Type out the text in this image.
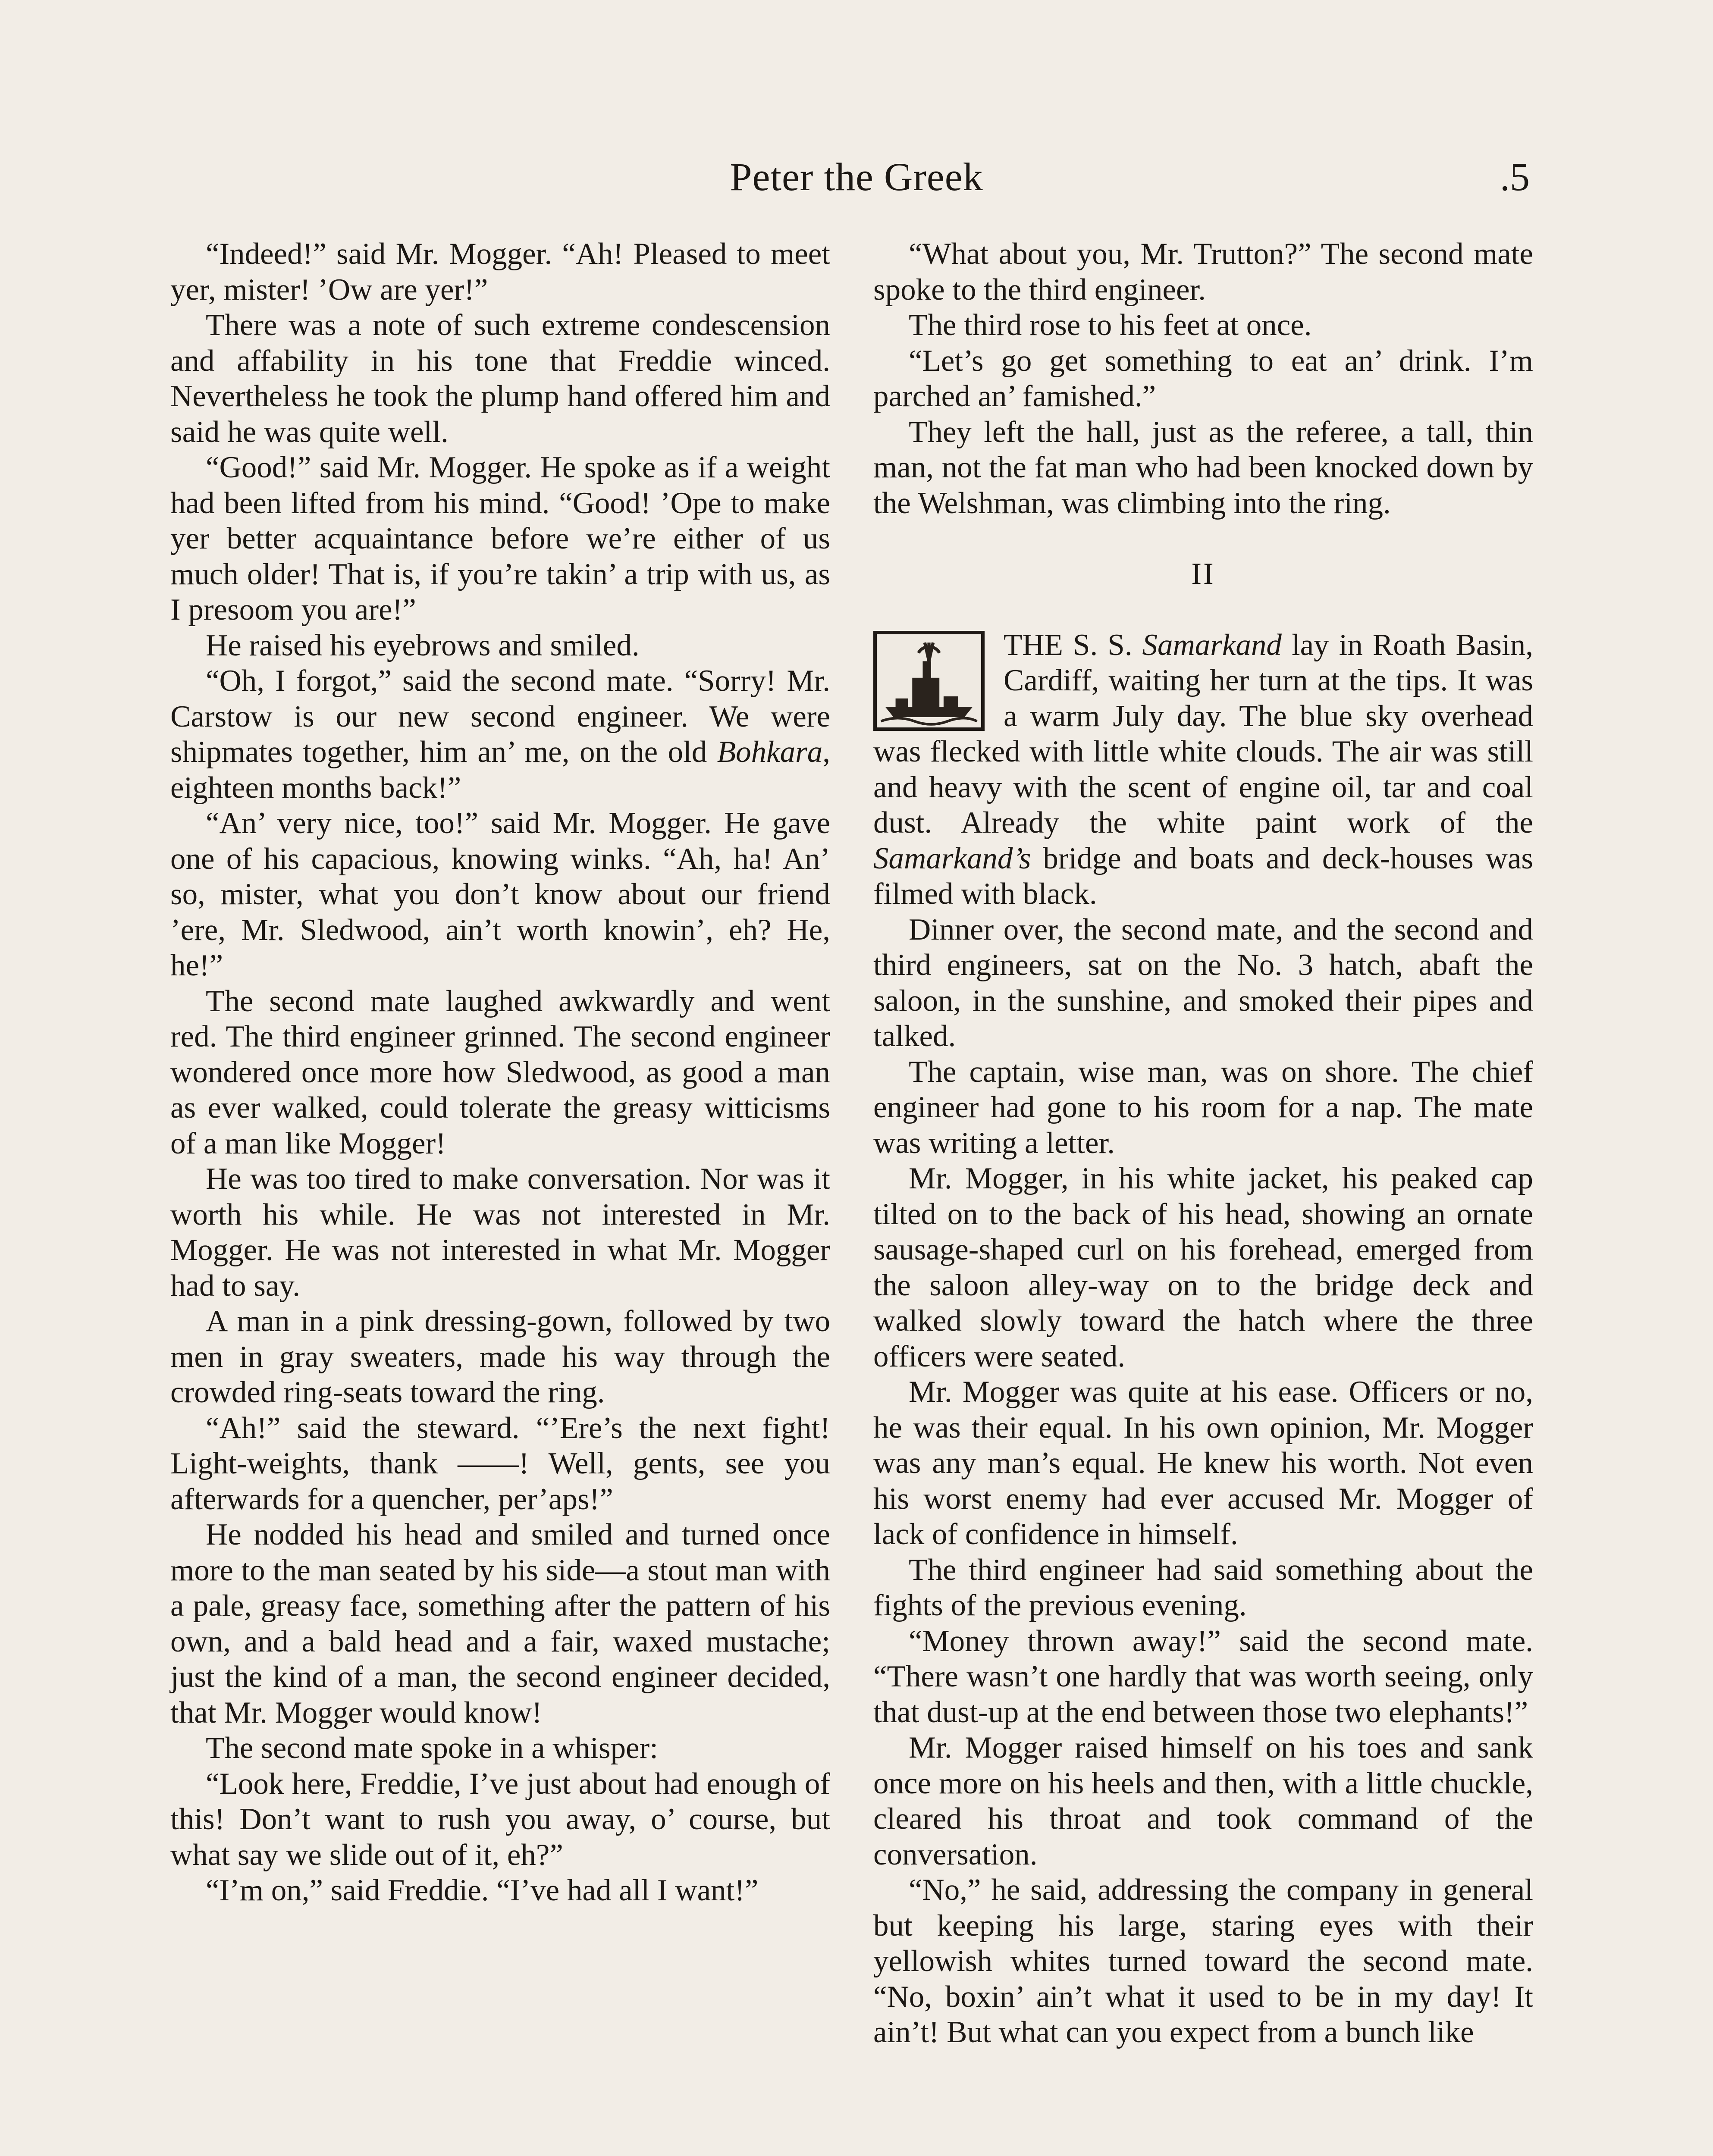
Peter the Greek	.5

“Indeed!” said Mr. Mogger. “Ah! Pleased to meet yer, mister! ’Ow are yer!”

There was a note of such extreme condescension and affability in his tone that Freddie winced. Nevertheless he took the plump hand offered him and said he was quite well.

“Good!” said Mr. Mogger. He spoke as if a weight had been lifted from his mind. “Good! ’Ope to make yer better acquaintance before we’re either of us much older! That is, if you’re takin’ a trip with us, as I presoom you are!”

He raised his eyebrows and smiled.

“Oh, I forgot,” said the second mate. “Sorry! Mr. Carstow is our new second engineer. We were shipmates together, him an’ me, on the old Bohkara, eighteen months back!”

“An’ very nice, too!” said Mr. Mogger. He gave one of his capacious, knowing winks. “Ah, ha! An’ so, mister, what you don’t know about our friend ’ere, Mr. Sledwood, ain’t worth knowin’, eh? He, he!”

The second mate laughed awkwardly and went red. The third engineer grinned. The second engineer wondered once more how Sledwood, as good a man as ever walked, could tolerate the greasy witticisms of a man like Mogger!

He was too tired to make conversation. Nor was it worth his while. He was not interested in Mr. Mogger. He was not interested in what Mr. Mogger had to say.

A man in a pink dressing-gown, followed by two men in gray sweaters, made his way through the crowded ring-seats toward the ring.

“Ah!” said the steward. “’Ere’s the next fight! Light-weights, thank ——! Well, gents, see you afterwards for a quencher, per’aps!”

He nodded his head and smiled and turned once more to the man seated by his side—a stout man with a pale, greasy face, something after the pattern of his own, and a bald head and a fair, waxed mustache; just the kind of a man, the second engineer decided, that Mr. Mogger would know!

The second mate spoke in a whisper:

“Look here, Freddie, I’ve just about had enough of this! Don’t want to rush you away, o’ course, but what say we slide out of it, eh?”

“I’m on,” said Freddie. “I’ve had all I want!”

“What about you, Mr. Trutton?” The second mate spoke to the third engineer.

The third rose to his feet at once.

“Let’s go get something to eat an’ drink. I’m parched an’ famished.”

They left the hall, just as the referee, a tall, thin man, not the fat man who had been knocked down by the Welshman, was climbing into the ring.

II

THE S. S. Samarkand lay in Roath Basin, Cardiff, waiting her turn at the tips. It was a warm July day. The blue sky overhead was flecked with little white clouds. The air was still and heavy with the scent of engine oil, tar and coal dust. Already the white paint work of the Samarkand’s bridge and boats and deck-houses was filmed with black.

Dinner over, the second mate, and the second and third engineers, sat on the No. 3 hatch, abaft the saloon, in the sunshine, and smoked their pipes and talked.

The captain, wise man, was on shore. The chief engineer had gone to his room for a nap. The mate was writing a letter.

Mr. Mogger, in his white jacket, his peaked cap tilted on to the back of his head, showing an ornate sausage-shaped curl on his forehead, emerged from the saloon alley-way on to the bridge deck and walked slowly toward the hatch where the three officers were seated.

Mr. Mogger was quite at his ease. Officers or no, he was their equal. In his own opinion, Mr. Mogger was any man’s equal. He knew his worth. Not even his worst enemy had ever accused Mr. Mogger of lack of confidence in himself.

The third engineer had said something about the fights of the previous evening.

“Money thrown away!” said the second mate. “There wasn’t one hardly that was worth seeing, only that dust-up at the end between those two elephants!”

Mr. Mogger raised himself on his toes and sank once more on his heels and then, with a little chuckle, cleared his throat and took command of the conversation.

“No,” he said, addressing the company in general but keeping his large, staring eyes with their yellowish whites turned toward the second mate. “No, boxin’ ain’t what it used to be in my day! It ain’t! But what can you expect from a bunch like
